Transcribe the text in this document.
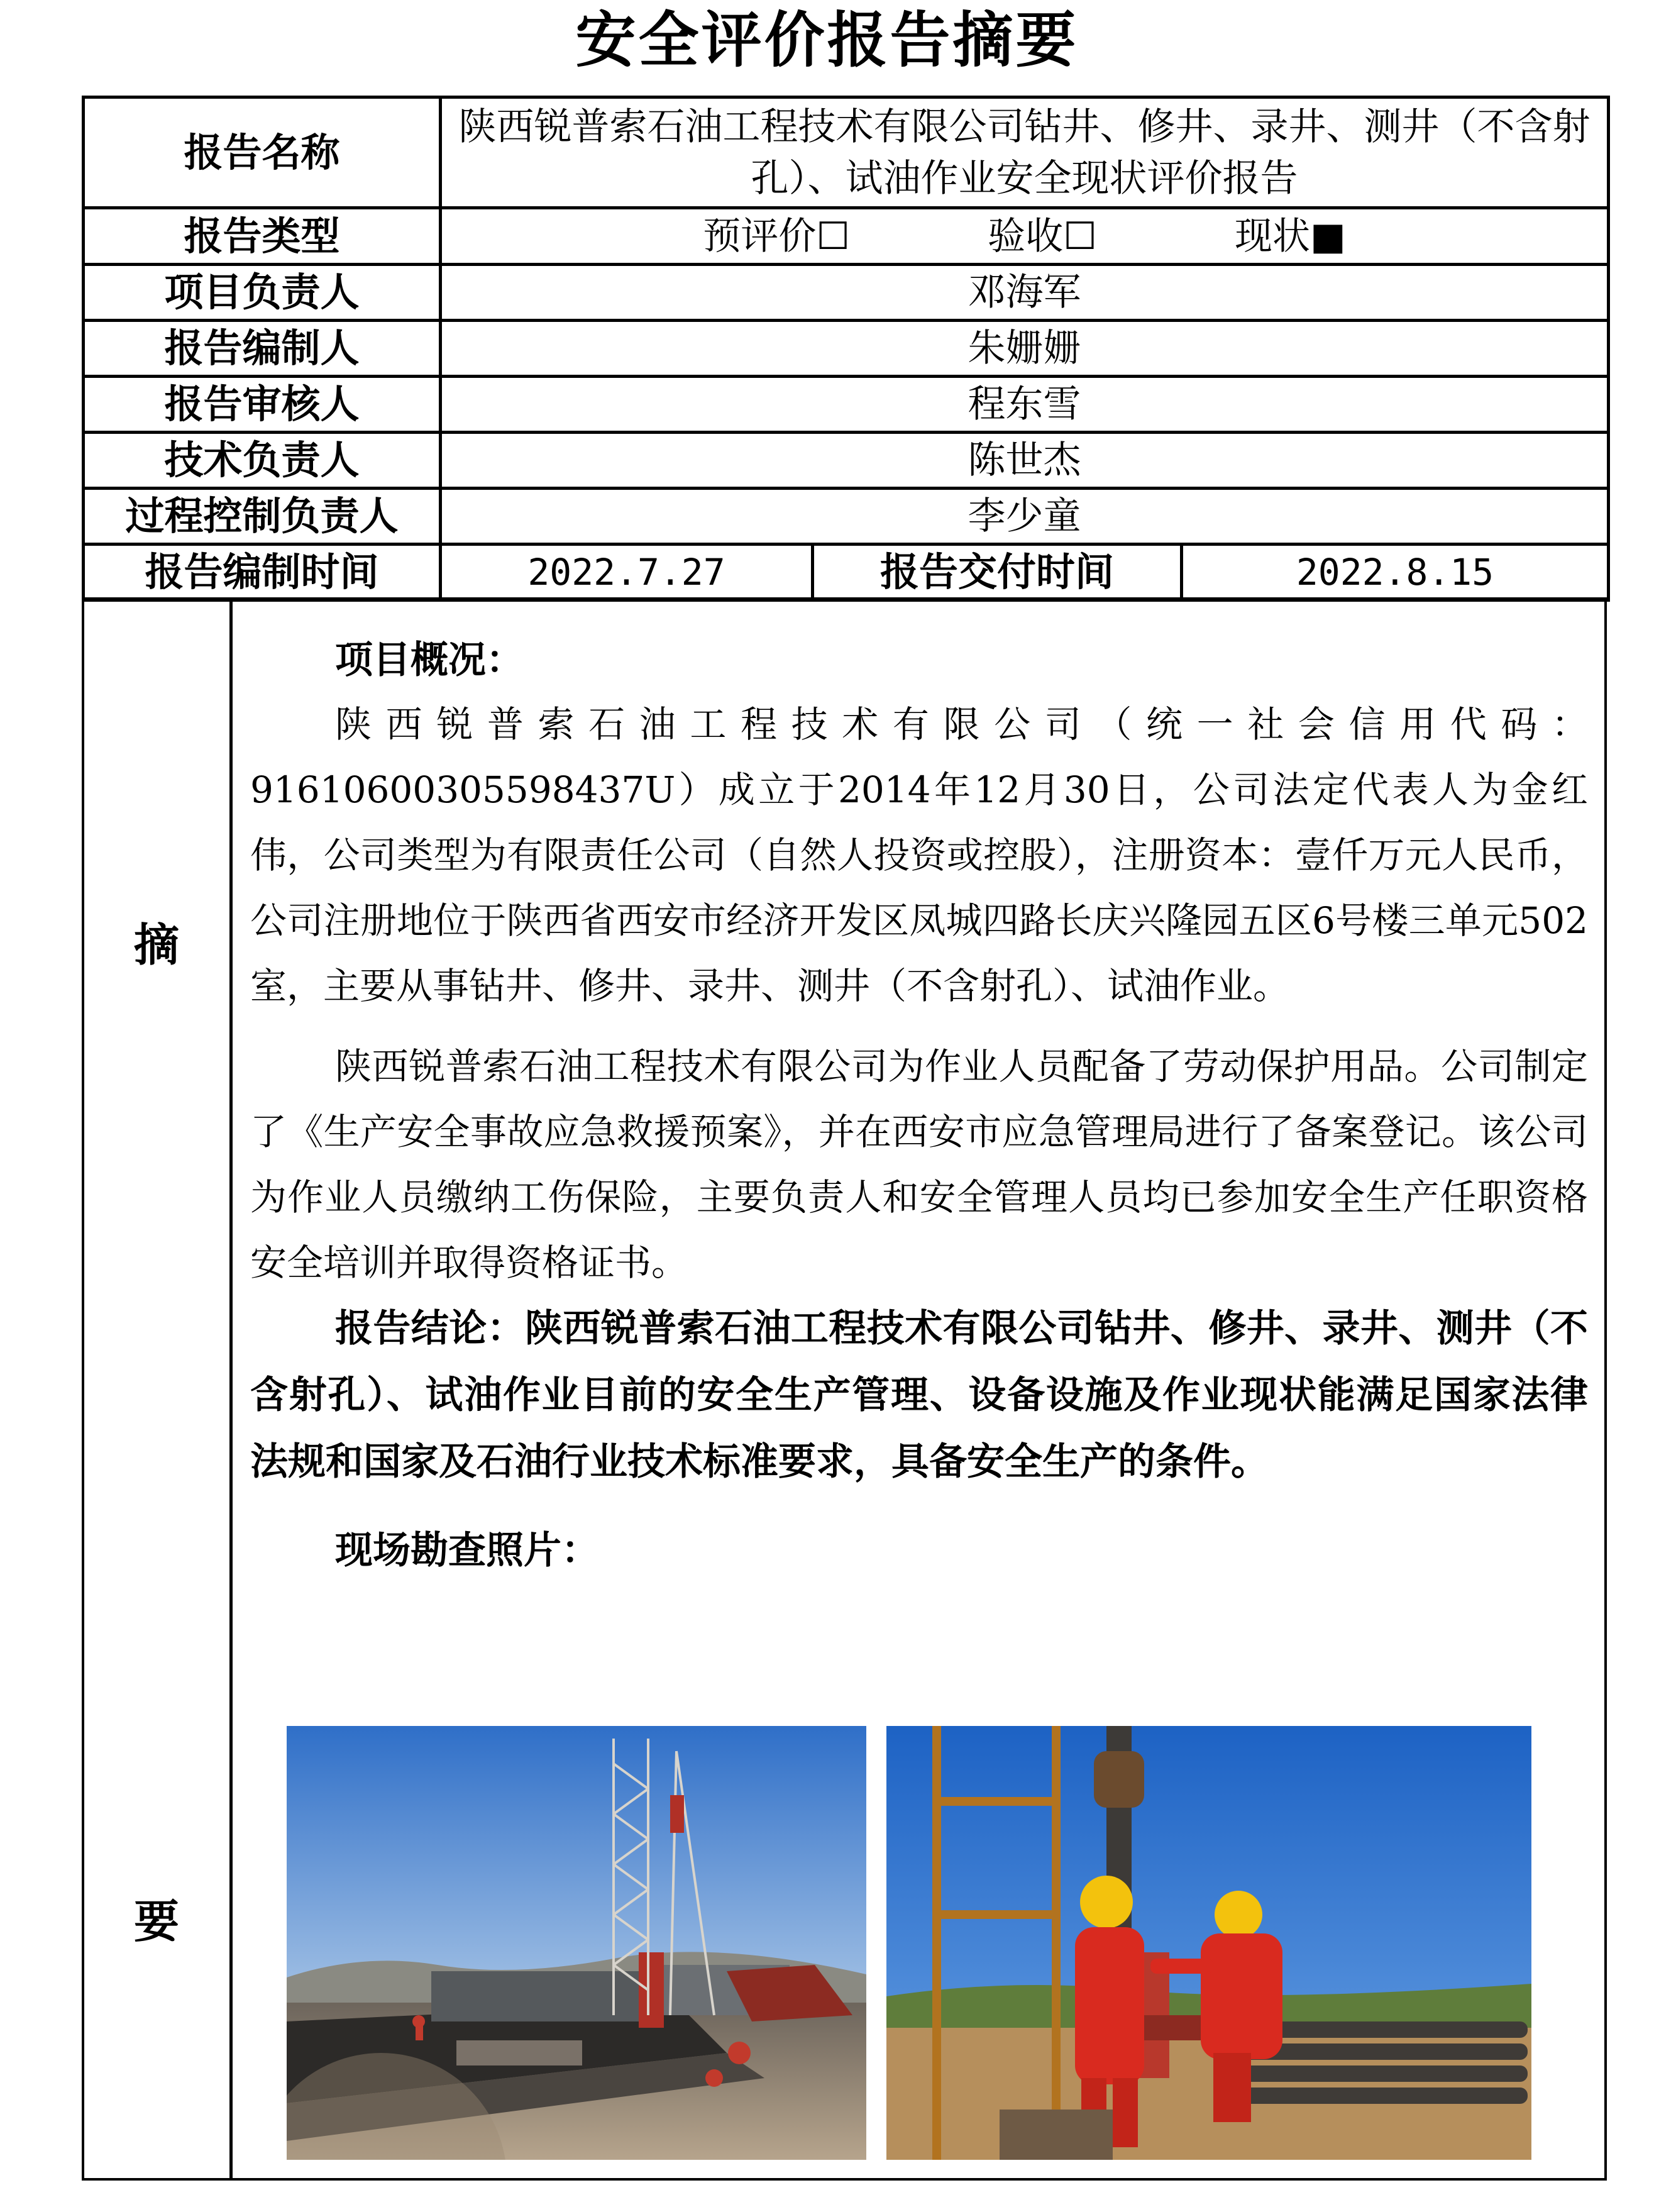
安全评价报告摘要
报告名称	陕西锐普索石油工程技术有限公司钻井、修井、录井、测井（不含射孔）、试油作业安全现状评价报告		
报告类型	预评价☐ 验收☐ 现状■		
项目负责人	邓海军		
报告编制人	朱姗姗		
报告审核人	程东雪		
技术负责人	陈世杰		
过程控制负责人	李少童		
报告编制时间	2022.7.27	报告交付时间	2022.8.15
摘
要
项目概况：

陕西锐普索石油工程技术有限公司（统一社会信用代码：91610600305598437U）成立于2014年12月30日，公司法定代表人为金红伟，公司类型为有限责任公司（自然人投资或控股），注册资本：壹仟万元人民币，公司注册地位于陕西省西安市经济开发区凤城四路长庆兴隆园五区6号楼三单元502室，主要从事钻井、修井、录井、测井（不含射孔）、试油作业。

陕西锐普索石油工程技术有限公司为作业人员配备了劳动保护用品。公司制定了《生产安全事故应急救援预案》，并在西安市应急管理局进行了备案登记。该公司为作业人员缴纳工伤保险，主要负责人和安全管理人员均已参加安全生产任职资格安全培训并取得资格证书。

报告结论：陕西锐普索石油工程技术有限公司钻井、修井、录井、测井（不含射孔）、试油作业目前的安全生产管理、设备设施及作业现状能满足国家法律法规和国家及石油行业技术标准要求，具备安全生产的条件。

现场勘查照片：
